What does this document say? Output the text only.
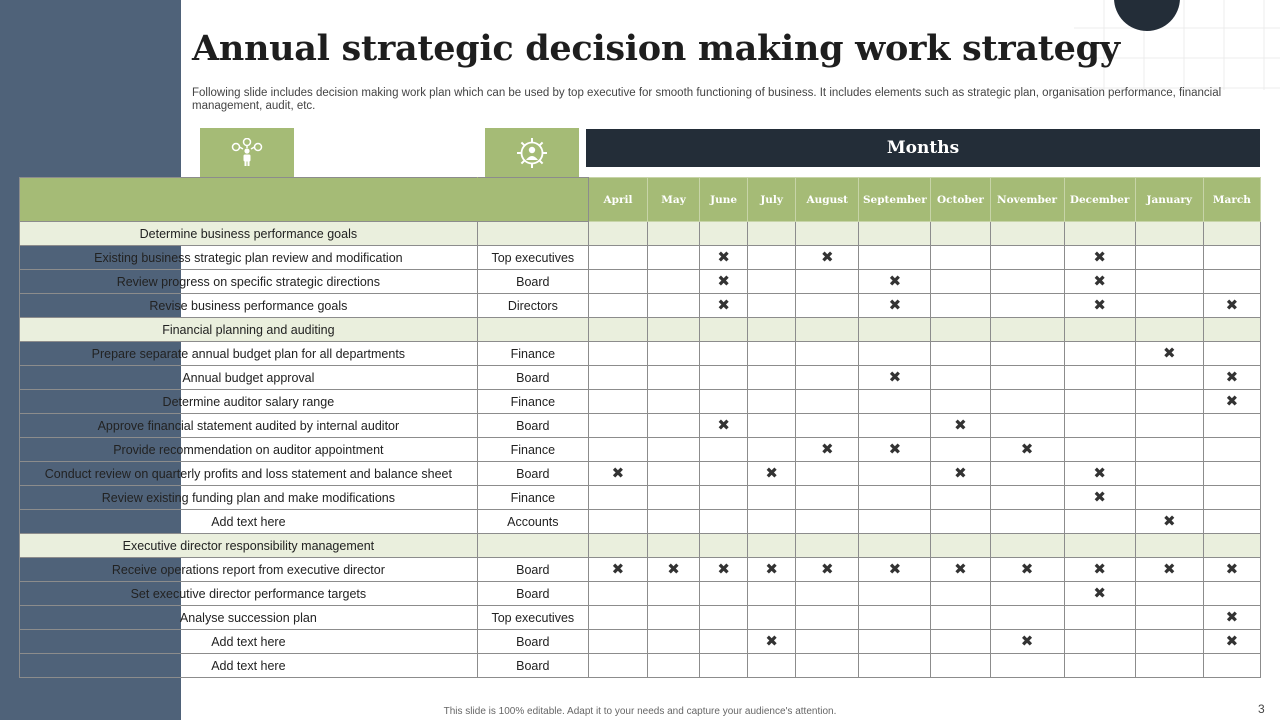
Annual strategic decision making work strategy

Following slide includes decision making work plan which can be used by top executive for smooth functioning of business. It includes elements such as strategic plan, organisation performance, financial management, audit, etc.

Months
		April	May	June	July	August	September	October	November	December	January	March
Determine business performance goals												
Existing business strategic plan review and modification	Top executives			✖		✖				✖		
Review progress on specific strategic directions	Board			✖			✖			✖		
Revise business performance goals	Directors			✖			✖			✖		✖
Financial planning and auditing												
Prepare separate annual budget plan for all departments	Finance										✖	
Annual budget approval	Board						✖					✖
Determine auditor salary range	Finance											✖
Approve financial statement audited by internal auditor	Board			✖				✖				
Provide recommendation on auditor appointment	Finance					✖	✖		✖			
Conduct review on quarterly profits and loss statement and balance sheet	Board	✖			✖			✖		✖		
Review existing funding plan and make modifications	Finance									✖		
Add text here	Accounts										✖	
Executive director responsibility management												
Receive operations report from executive director	Board	✖	✖	✖	✖	✖	✖	✖	✖	✖	✖	✖
Set executive director performance targets	Board									✖		
Analyse succession plan	Top executives											✖
Add text here	Board				✖				✖			✖
Add text here	Board											
This slide is 100% editable. Adapt it to your needs and capture your audience's attention.	3
